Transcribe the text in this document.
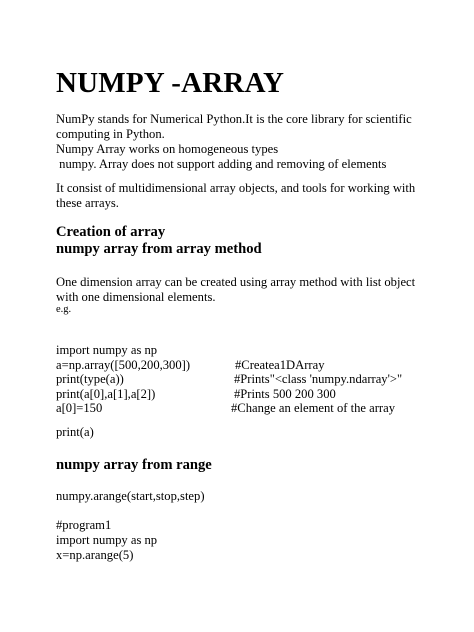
NUMPY -ARRAY
NumPy stands for Numerical Python.It is the core library for scientific
computing in Python.
Numpy Array works on homogeneous types
numpy. Array does not support adding and removing of elements
It consist of multidimensional array objects, and tools for working with
these arrays.
Creation of array
numpy array from array method
One dimension array can be created using array method with list object
with one dimensional elements.
e.g.
import numpy as np
a=np.array([500,200,300])	#Createa1DArray
print(type(a))	#Prints"<class 'numpy.ndarray'>"
print(a[0],a[1],a[2])	#Prints 500 200 300
a[0]=150	#Change an element of the array
print(a)
numpy array from range
numpy.arange(start,stop,step)
#program1
import numpy as np
x=np.arange(5)
